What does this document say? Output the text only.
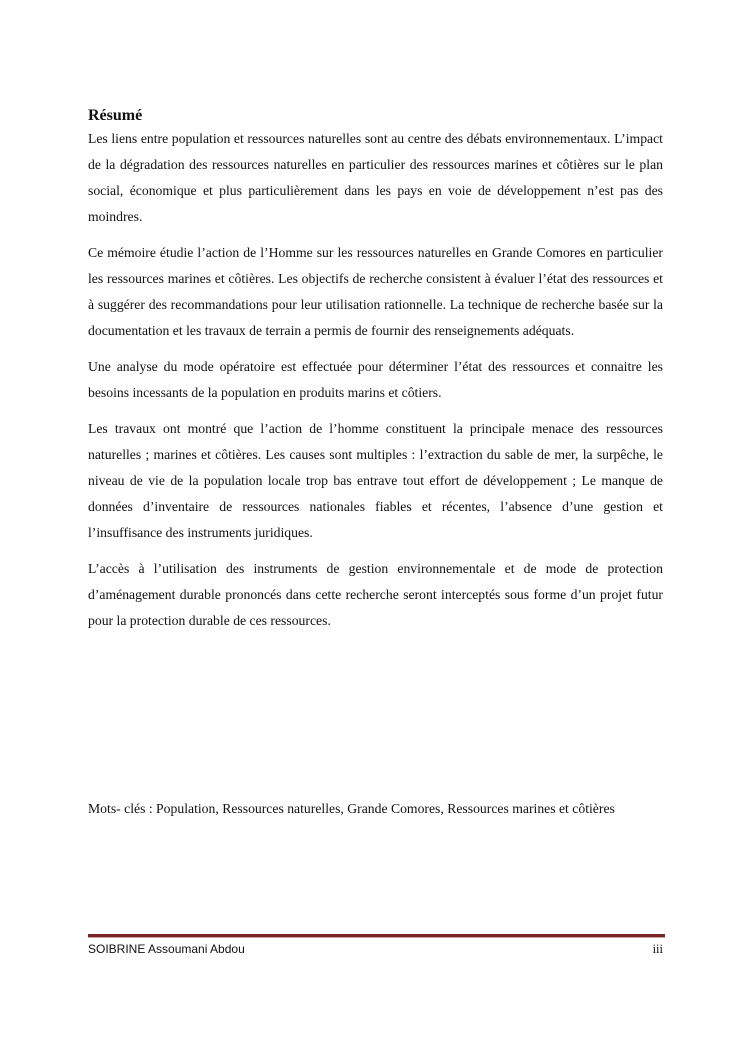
Résumé

Les liens entre population et ressources naturelles sont au centre des débats environnementaux. L’impact de la dégradation des ressources naturelles en particulier des ressources marines et côtières sur le plan social, économique et plus particulièrement dans les pays en voie de développement n’est pas des moindres.

Ce mémoire étudie l’action de l’Homme sur les ressources naturelles en Grande Comores en particulier les ressources marines et côtières. Les objectifs de recherche consistent à évaluer l’état des ressources et à suggérer des recommandations pour leur utilisation rationnelle. La technique de recherche basée sur la documentation et les travaux de terrain a permis de fournir des renseignements adéquats.

Une analyse du mode opératoire est effectuée pour déterminer l’état des ressources et connaitre les besoins incessants de la population en produits marins et côtiers.

Les travaux ont montré que l’action de l’homme constituent la principale menace des ressources naturelles ; marines et côtières. Les causes sont multiples : l’extraction du sable de mer, la surpêche, le niveau de vie de la population locale trop bas entrave tout effort de développement ; Le manque de données d’inventaire de ressources nationales fiables et récentes, l’absence d’une gestion et l’insuffisance des instruments juridiques.

L’accès à l’utilisation des instruments de gestion environnementale et de mode de protection d’aménagement durable prononcés dans cette recherche seront interceptés sous forme d’un projet futur pour la protection durable de ces ressources.

Mots- clés : Population, Ressources naturelles, Grande Comores, Ressources marines et côtières

SOIBRINE Assoumani Abdou	iii
